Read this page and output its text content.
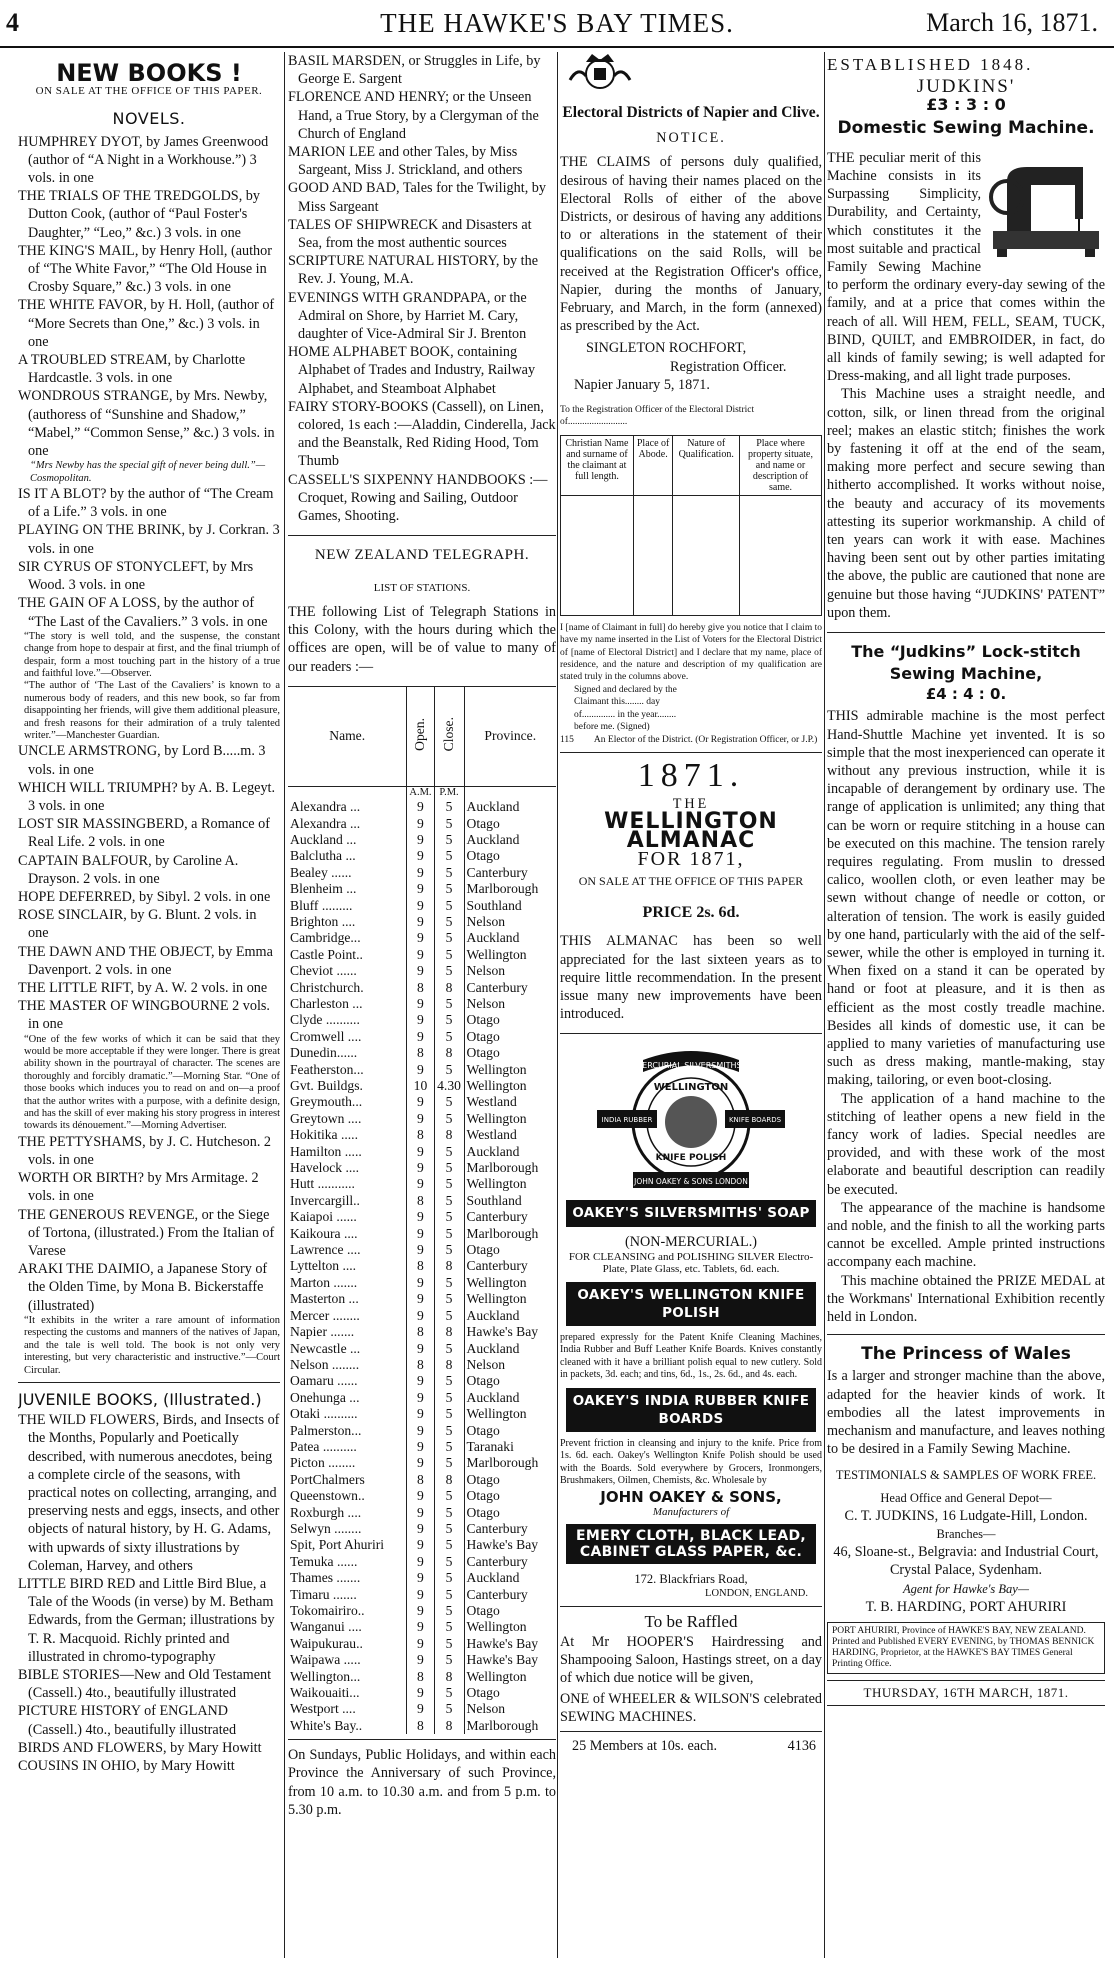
4	THE HAWKE'S BAY TIMES.	March 16, 1871.
NEW BOOKS !
ON SALE AT THE OFFICE OF THIS PAPER.
NOVELS.
HUMPHREY DYOT, by James Greenwood (author of “A Night in a Workhouse.”) 3 vols. in one
THE TRIALS OF THE TREDGOLDS, by Dutton Cook, (author of “Paul Foster's Daughter,” “Leo,” &c.) 3 vols. in one
THE KING'S MAIL, by Henry Holl, (author of “The White Favor,” “The Old House in Crosby Square,” &c.) 3 vols. in one
THE WHITE FAVOR, by H. Holl, (author of “More Secrets than One,” &c.) 3 vols. in one
A TROUBLED STREAM, by Charlotte Hardcastle. 3 vols. in one
WONDROUS STRANGE, by Mrs. Newby, (authoress of “Sunshine and Shadow,” “Mabel,” “Common Sense,” &c.) 3 vols. in one
“Mrs Newby has the special gift of never being dull.”—Cosmopolitan.
IS IT A BLOT? by the author of “The Cream of a Life.” 3 vols. in one
PLAYING ON THE BRINK, by J. Corkran. 3 vols. in one
SIR CYRUS OF STONYCLEFT, by Mrs Wood. 3 vols. in one
THE GAIN OF A LOSS, by the author of “The Last of the Cavaliers.” 3 vols. in one

“The story is well told, and the suspense, the constant change from hope to despair at first, and the final triumph of despair, form a most touching part in the history of a true and faithful love.”—Observer.

“The author of ‘The Last of the Cavaliers’ is known to a numerous body of readers, and this new book, so far from disappointing her friends, will give them additional pleasure, and fresh reasons for their admiration of a truly talented writer.”—Manchester Guardian.

UNCLE ARMSTRONG, by Lord B.....m. 3 vols. in one
WHICH WILL TRIUMPH? by A. B. Legeyt. 3 vols. in one
LOST SIR MASSINGBERD, a Romance of Real Life. 2 vols. in one
CAPTAIN BALFOUR, by Caroline A. Drayson. 2 vols. in one
HOPE DEFERRED, by Sibyl. 2 vols. in one
ROSE SINCLAIR, by G. Blunt. 2 vols. in one
THE DAWN AND THE OBJECT, by Emma Davenport. 2 vols. in one
THE LITTLE RIFT, by A. W. 2 vols. in one
THE MASTER OF WINGBOURNE 2 vols. in one

“One of the few works of which it can be said that they would be more acceptable if they were longer. There is great ability shown in the pourtrayal of character. The scenes are thoroughly and forcibly dramatic.”—Morning Star. “One of those books which induces you to read on and on—a proof that the author writes with a purpose, with a definite design, and has the skill of ever making his story progress in interest towards its dénouement.”—Morning Advertiser.

THE PETTYSHAMS, by J. C. Hutcheson. 2 vols. in one
WORTH OR BIRTH? by Mrs Armitage. 2 vols. in one
THE GENEROUS REVENGE, or the Siege of Tortona, (illustrated.) From the Italian of Varese
ARAKI THE DAIMIO, a Japanese Story of the Olden Time, by Mona B. Bickerstaffe (illustrated)

“It exhibits in the writer a rare amount of information respecting the customs and manners of the natives of Japan, and the tale is well told. The book is not only very interesting, but very characteristic and instructive.”—Court Circular.

JUVENILE BOOKS, (Illustrated.)
THE WILD FLOWERS, Birds, and Insects of the Months, Popularly and Poetically described, with numerous anecdotes, being a complete circle of the seasons, with practical notes on collecting, arranging, and preserving nests and eggs, insects, and other objects of natural history, by H. G. Adams, with upwards of sixty illustrations by Coleman, Harvey, and others
LITTLE BIRD RED and Little Bird Blue, a Tale of the Woods (in verse) by M. Betham Edwards, from the German; illustrations by T. R. Macquoid. Richly printed and illustrated in chromo-typography
BIBLE STORIES—New and Old Testament (Cassell.) 4to., beautifully illustrated
PICTURE HISTORY of ENGLAND (Cassell.) 4to., beautifully illustrated
BIRDS AND FLOWERS, by Mary Howitt
COUSINS IN OHIO, by Mary Howitt
BASIL MARSDEN, or Struggles in Life, by George E. Sargent
FLORENCE AND HENRY; or the Unseen Hand, a True Story, by a Clergyman of the Church of England
MARION LEE and other Tales, by Miss Sargeant, Miss J. Strickland, and others
GOOD AND BAD, Tales for the Twilight, by Miss Sargeant
TALES OF SHIPWRECK and Disasters at Sea, from the most authentic sources
SCRIPTURE NATURAL HISTORY, by the Rev. J. Young, M.A.
EVENINGS WITH GRANDPAPA, or the Admiral on Shore, by Harriet M. Cary, daughter of Vice-Admiral Sir J. Brenton
HOME ALPHABET BOOK, containing Alphabet of Trades and Industry, Railway Alphabet, and Steamboat Alphabet
FAIRY STORY-BOOKS (Cassell), on Linen, colored, 1s each :—Aladdin, Cinderella, Jack and the Beanstalk, Red Riding Hood, Tom Thumb
CASSELL'S SIXPENNY HANDBOOKS :—Croquet, Rowing and Sailing, Outdoor Games, Shooting.
NEW ZEALAND TELEGRAPH.
LIST OF STATIONS.

THE following List of Telegraph Stations in this Colony, with the hours during which the offices are open, will be of value to many of our readers :—

Name.	Open.	Close.	Province.
	A.M.	P.M.	
Alexandra ...	9	5	Auckland
Alexandra ...	9	5	Otago
Auckland ...	9	5	Auckland
Balclutha ...	9	5	Otago
Bealey ......	9	5	Canterbury
Blenheim ...	9	5	Marlborough
Bluff .........	9	5	Southland
Brighton ....	9	5	Nelson
Cambridge...	9	5	Auckland
Castle Point..	9	5	Wellington
Cheviot ......	9	5	Nelson
Christchurch.	8	8	Canterbury
Charleston ...	9	5	Nelson
Clyde ..........	9	5	Otago
Cromwell ....	9	5	Otago
Dunedin......	8	8	Otago
Featherston...	9	5	Wellington
Gvt. Buildgs.	10	4.30	Wellington
Greymouth...	9	5	Westland
Greytown ....	9	5	Wellington
Hokitika .....	8	8	Westland
Hamilton .....	9	5	Auckland
Havelock ....	9	5	Marlborough
Hutt ...........	9	5	Wellington
Invercargill..	8	5	Southland
Kaiapoi ......	9	5	Canterbury
Kaikoura ....	9	5	Marlborough
Lawrence ....	9	5	Otago
Lyttelton ....	8	8	Canterbury
Marton .......	9	5	Wellington
Masterton ...	9	5	Wellington
Mercer ........	9	5	Auckland
Napier .......	8	8	Hawke's Bay
Newcastle ...	9	5	Auckland
Nelson ........	8	8	Nelson
Oamaru ......	9	5	Otago
Onehunga ...	9	5	Auckland
Otaki ..........	9	5	Wellington
Palmerston...	9	5	Otago
Patea ..........	9	5	Taranaki
Picton ........	9	5	Marlborough
PortChalmers	8	8	Otago
Queenstown..	9	5	Otago
Roxburgh ....	9	5	Otago
Selwyn ........	9	5	Canterbury
Spit, Port Ahuriri	9	5	Hawke's Bay
Temuka ......	9	5	Canterbury
Thames .......	9	5	Auckland
Timaru .......	9	5	Canterbury
Tokomairiro..	9	5	Otago
Wanganui ....	9	5	Wellington
Waipukurau..	9	5	Hawke's Bay
Waipawa .....	9	5	Hawke's Bay
Wellington...	8	8	Wellington
Waikouaiti...	9	5	Otago
Westport ....	9	5	Nelson
White's Bay..	8	8	Marlborough

On Sundays, Public Holidays, and within each Province the Anniversary of such Province, from 10 a.m. to 10.30 a.m. and from 5 p.m. to 5.30 p.m.

Electoral Districts of Napier and Clive.
NOTICE.

THE CLAIMS of persons duly qualified, desirous of having their names placed on the Electoral Rolls of either of the above Districts, or desirous of having any additions to or alterations in the statement of their qualifications on the said Rolls, will be received at the Registration Officer's office, Napier, during the months of January, February, and March, in the form (annexed) as prescribed by the Act.

SINGLETON ROCHFORT,
Registration Officer.
Napier January 5, 1871.
To the Registration Officer of the Electoral District of.........................
Christian Name and surname of the claimant at full length.	Place of Abode.	Nature of Qualification.	Place where property situate, and name or description of same.

I [name of Claimant in full] do hereby give you notice that I claim to have my name inserted in the List of Voters for the Electoral District of [name of Electoral District] and I declare that my name, place of residence, and the nature and description of my qualification are stated truly in the columns above.

Signed and declared by the Claimant this........ day of.............. in the year........ before me. (Signed)
115 An Elector of the District. (Or Registration Officer, or J.P.)
1871.
THE
WELLINGTON ALMANAC
FOR 1871,
ON SALE AT THE OFFICE OF THIS PAPER
PRICE 2s. 6d.

THIS ALMANAC has been so well appreciated for the last sixteen years as to require little recommendation. In the present issue many new improvements have been introduced.

NON-MERCURIAL SILVERSMITHS' SOAP
WELLINGTON
INDIA RUBBER	KNIFE BOARDS
KNIFE POLISH
JOHN OAKEY & SONS LONDON
OAKEY'S SILVERSMITHS' SOAP
(NON-MERCURIAL.)
FOR CLEANSING and POLISHING SILVER Electro-Plate, Plate Glass, etc. Tablets, 6d. each.
OAKEY'S WELLINGTON KNIFE POLISH

prepared expressly for the Patent Knife Cleaning Machines, India Rubber and Buff Leather Knife Boards. Knives constantly cleaned with it have a brilliant polish equal to new cutlery. Sold in packets, 3d. each; and tins, 6d., 1s., 2s. 6d., and 4s. each.

OAKEY'S INDIA RUBBER KNIFE BOARDS

Prevent friction in cleansing and injury to the knife. Price from 1s. 6d. each. Oakey's Wellington Knife Polish should be used with the Boards. Sold everywhere by Grocers, Ironmongers, Brushmakers, Oilmen, Chemists, &c. Wholesale by

JOHN OAKEY & SONS,
Manufacturers of
EMERY CLOTH, BLACK LEAD, CABINET GLASS PAPER, &c.
172. Blackfriars Road,
LONDON, ENGLAND.
To be Raffled

At Mr HOOPER'S Hairdressing and Shampooing Saloon, Hastings street, on a day of which due notice will be given,

ONE of WHEELER & WILSON'S celebrated SEWING MACHINES.

25 Members at 10s. each.	4136
ESTABLISHED 1848.
JUDKINS'
£3 : 3 : 0
Domestic Sewing Machine.

THE peculiar merit of this Machine consists in its Surpassing Simplicity, Durability, and Certainty, which constitutes it the most suitable and practical Family Sewing Machine to perform the ordinary every-day sewing of the family, and at a price that comes within the reach of all. Will HEM, FELL, SEAM, TUCK, BIND, QUILT, and EMBROIDER, in fact, do all kinds of family sewing; is well adapted for Dress-making, and all light trade purposes.

This Machine uses a straight needle, and cotton, silk, or linen thread from the original reel; makes an elastic stitch; finishes the work by fastening it off at the end of the seam, making more perfect and secure sewing than hitherto accomplished. It works without noise, the beauty and accuracy of its movements attesting its superior workmanship. A child of ten years can work it with ease. Machines having been sent out by other parties imitating the above, the public are cautioned that none are genuine but those having “JUDKINS' PATENT” upon them.

The “Judkins” Lock-stitch Sewing Machine,
£4 : 4 : 0.

THIS admirable machine is the most perfect Hand-Shuttle Machine yet invented. It is so simple that the most inexperienced can operate it without any previous instruction, while it is incapable of derangement by ordinary use. The range of application is unlimited; any thing that can be worn or require stitching in a house can be executed on this machine. The tension rarely requires regulating. From muslin to dressed calico, woollen cloth, or even leather may be sewn without change of needle or cotton, or alteration of tension. The work is easily guided by one hand, particularly with the aid of the self-sewer, while the other is employed in turning it. When fixed on a stand it can be operated by hand or foot at pleasure, and it is then as efficient as the most costly treadle machine. Besides all kinds of domestic use, it can be applied to many varieties of manufacturing use such as dress making, mantle-making, stay making, tailoring, or even boot-closing.

The application of a hand machine to the stitching of leather opens a new field in the fancy work of ladies. Special needles are provided, and with these work of the most elaborate and beautiful description can readily be executed.

The appearance of the machine is handsome and noble, and the finish to all the working parts cannot be excelled. Ample printed instructions accompany each machine.

This machine obtained the PRIZE MEDAL at the Workmans' International Exhibition recently held in London.

The Princess of Wales

Is a larger and stronger machine than the above, adapted for the heavier kinds of work. It embodies all the latest improvements in mechanism and manufacture, and leaves nothing to be desired in a Family Sewing Machine.

TESTIMONIALS & SAMPLES OF WORK FREE.
Head Office and General Depot—
C. T. JUDKINS, 16 Ludgate-Hill, London.
Branches—
46, Sloane-st., Belgravia: and Industrial Court, Crystal Palace, Sydenham.
Agent for Hawke's Bay—
T. B. HARDING, PORT AHURIRI
PORT AHURIRI, Province of HAWKE'S BAY, NEW ZEALAND. Printed and Published EVERY EVENING, by THOMAS BENNICK HARDING, Proprietor, at the HAWKE'S BAY TIMES General Printing Office.
THURSDAY, 16TH MARCH, 1871.
